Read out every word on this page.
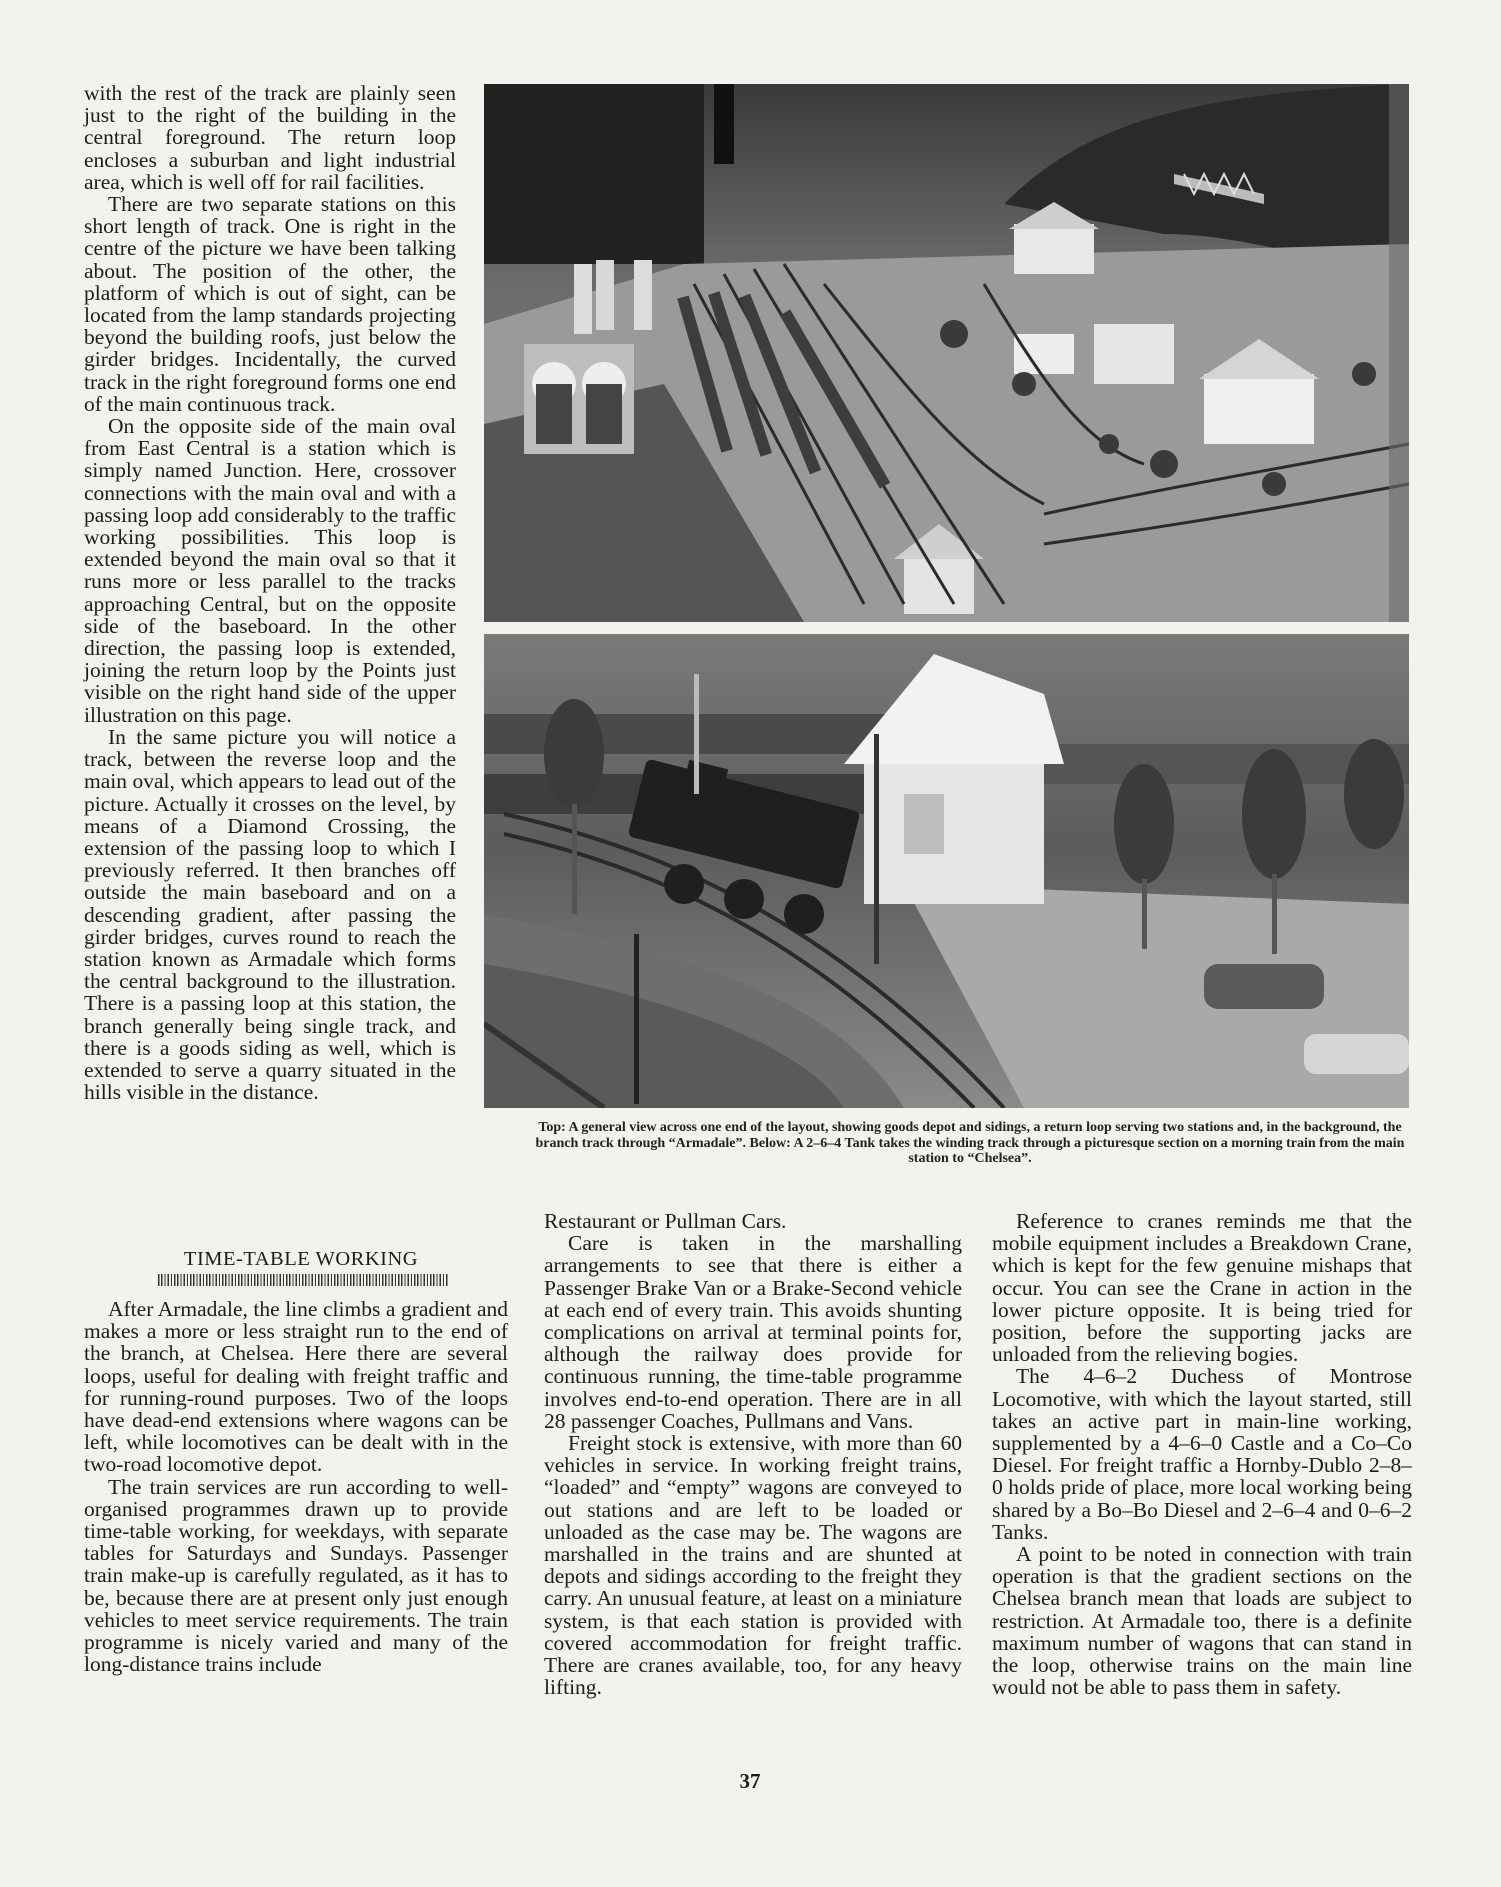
with the rest of the track are plainly seen just to the right of the building in the central foreground. The return loop encloses a suburban and light industrial area, which is well off for rail facilities.

There are two separate stations on this short length of track. One is right in the centre of the picture we have been talking about. The position of the other, the platform of which is out of sight, can be located from the lamp standards projecting beyond the building roofs, just below the girder bridges. Incidentally, the curved track in the right foreground forms one end of the main continuous track.

On the opposite side of the main oval from East Central is a station which is simply named Junction. Here, crossover connections with the main oval and with a passing loop add considerably to the traffic working possibilities. This loop is extended beyond the main oval so that it runs more or less parallel to the tracks approaching Central, but on the opposite side of the baseboard. In the other direction, the passing loop is extended, joining the return loop by the Points just visible on the right hand side of the upper illustration on this page.

In the same picture you will notice a track, between the reverse loop and the main oval, which appears to lead out of the picture. Actually it crosses on the level, by means of a Diamond Crossing, the extension of the passing loop to which I previously referred. It then branches off outside the main baseboard and on a descending gradient, after passing the girder bridges, curves round to reach the station known as Armadale which forms the central background to the illustration. There is a passing loop at this station, the branch generally being single track, and there is a goods siding as well, which is extended to serve a quarry situated in the hills visible in the distance.

TIME-TABLE WORKING

After Armadale, the line climbs a gradient and makes a more or less straight run to the end of the branch, at Chelsea. Here there are several loops, useful for dealing with freight traffic and for running-round purposes. Two of the loops have dead-end extensions where wagons can be left, while locomotives can be dealt with in the two-road locomotive depot.

The train services are run according to well-organised programmes drawn up to provide time-table working, for weekdays, with separate tables for Saturdays and Sundays. Passenger train make-up is carefully regulated, as it has to be, because there are at present only just enough vehicles to meet service requirements. The train programme is nicely varied and many of the long-distance trains include

Restaurant or Pullman Cars.

Care is taken in the marshalling arrangements to see that there is either a Passenger Brake Van or a Brake-Second vehicle at each end of every train. This avoids shunting complications on arrival at terminal points for, although the railway does provide for continuous running, the time-table programme involves end-to-end operation. There are in all 28 passenger Coaches, Pullmans and Vans.

Freight stock is extensive, with more than 60 vehicles in service. In working freight trains, “loaded” and “empty” wagons are conveyed to out stations and are left to be loaded or unloaded as the case may be. The wagons are marshalled in the trains and are shunted at depots and sidings according to the freight they carry. An unusual feature, at least on a miniature system, is that each station is provided with covered accommodation for freight traffic. There are cranes available, too, for any heavy lifting.

Reference to cranes reminds me that the mobile equipment includes a Breakdown Crane, which is kept for the few genuine mishaps that occur. You can see the Crane in action in the lower picture opposite. It is being tried for position, before the supporting jacks are unloaded from the relieving bogies.

The 4–6–2 Duchess of Montrose Locomotive, with which the layout started, still takes an active part in main-line working, supplemented by a 4–6–0 Castle and a Co–Co Diesel. For freight traffic a Hornby-Dublo 2–8–0 holds pride of place, more local working being shared by a Bo–Bo Diesel and 2–6–4 and 0–6–2 Tanks.

A point to be noted in connection with train operation is that the gradient sections on the Chelsea branch mean that loads are subject to restriction. At Armadale too, there is a definite maximum number of wagons that can stand in the loop, otherwise trains on the main line would not be able to pass them in safety.

Top: A general view across one end of the layout, showing goods depot and sidings, a return loop serving two stations and, in the background, the branch track through “Armadale”. Below: A 2–6–4 Tank takes the winding track through a picturesque section on a morning train from the main station to “Chelsea”.
37
